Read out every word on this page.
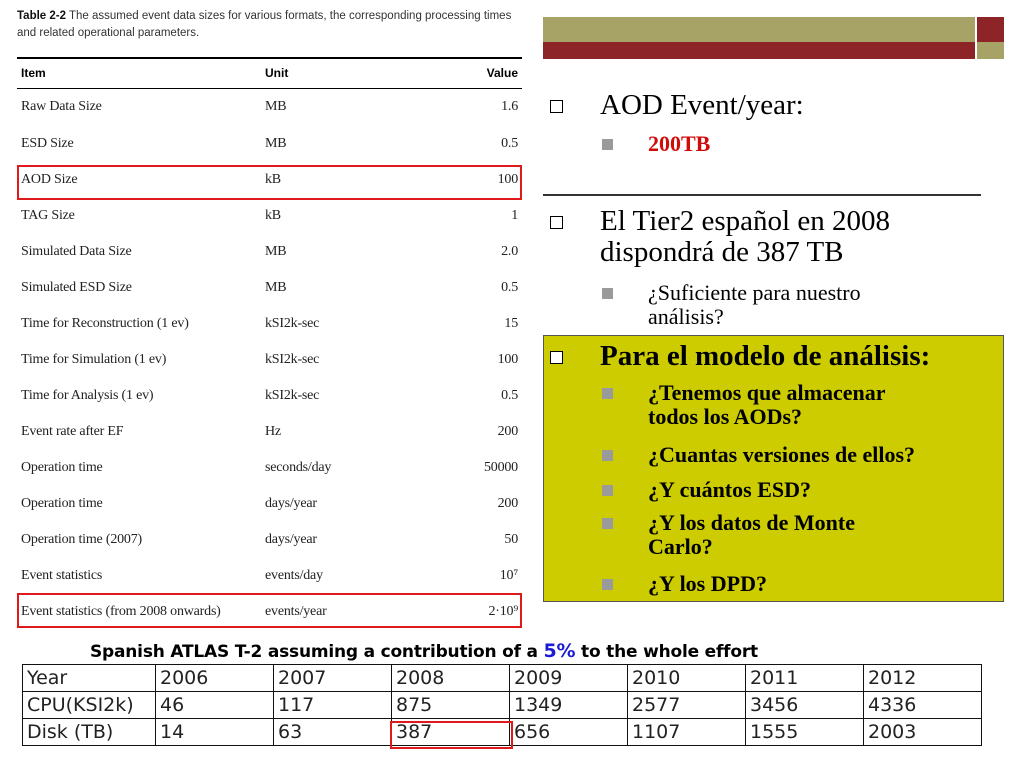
Table 2-2 The assumed event data sizes for various formats, the corresponding processing times and related operational parameters.
Item	Unit	Value
Raw Data Size	MB	1.6
ESD Size	MB	0.5
AOD Size	kB	100
TAG Size	kB	1
Simulated Data Size	MB	2.0
Simulated ESD Size	MB	0.5
Time for Reconstruction (1 ev)	kSI2k-sec	15
Time for Simulation (1 ev)	kSI2k-sec	100
Time for Analysis (1 ev)	kSI2k-sec	0.5
Event rate after EF	Hz	200
Operation time	seconds/day	50000
Operation time	days/year	200
Operation time (2007)	days/year	50
Event statistics	events/day	10⁷
Event statistics (from 2008 onwards)	events/year	2·10⁹
AOD Event/year:
200TB
El Tier2 español en 2008
dispondrá de 387 TB
¿Suficiente para nuestro
análisis?
Para el modelo de análisis:
¿Tenemos que almacenar
todos los AODs?
¿Cuantas versiones de ellos?
¿Y cuántos ESD?
¿Y los datos de Monte
Carlo?
¿Y los DPD?
Spanish ATLAS T-2 assuming a contribution of a 5% to the whole effort
Year	2006	2007	2008	2009	2010	2011	2012
CPU(KSI2k)	46	117	875	1349	2577	3456	4336
Disk (TB)	14	63	387	656	1107	1555	2003
